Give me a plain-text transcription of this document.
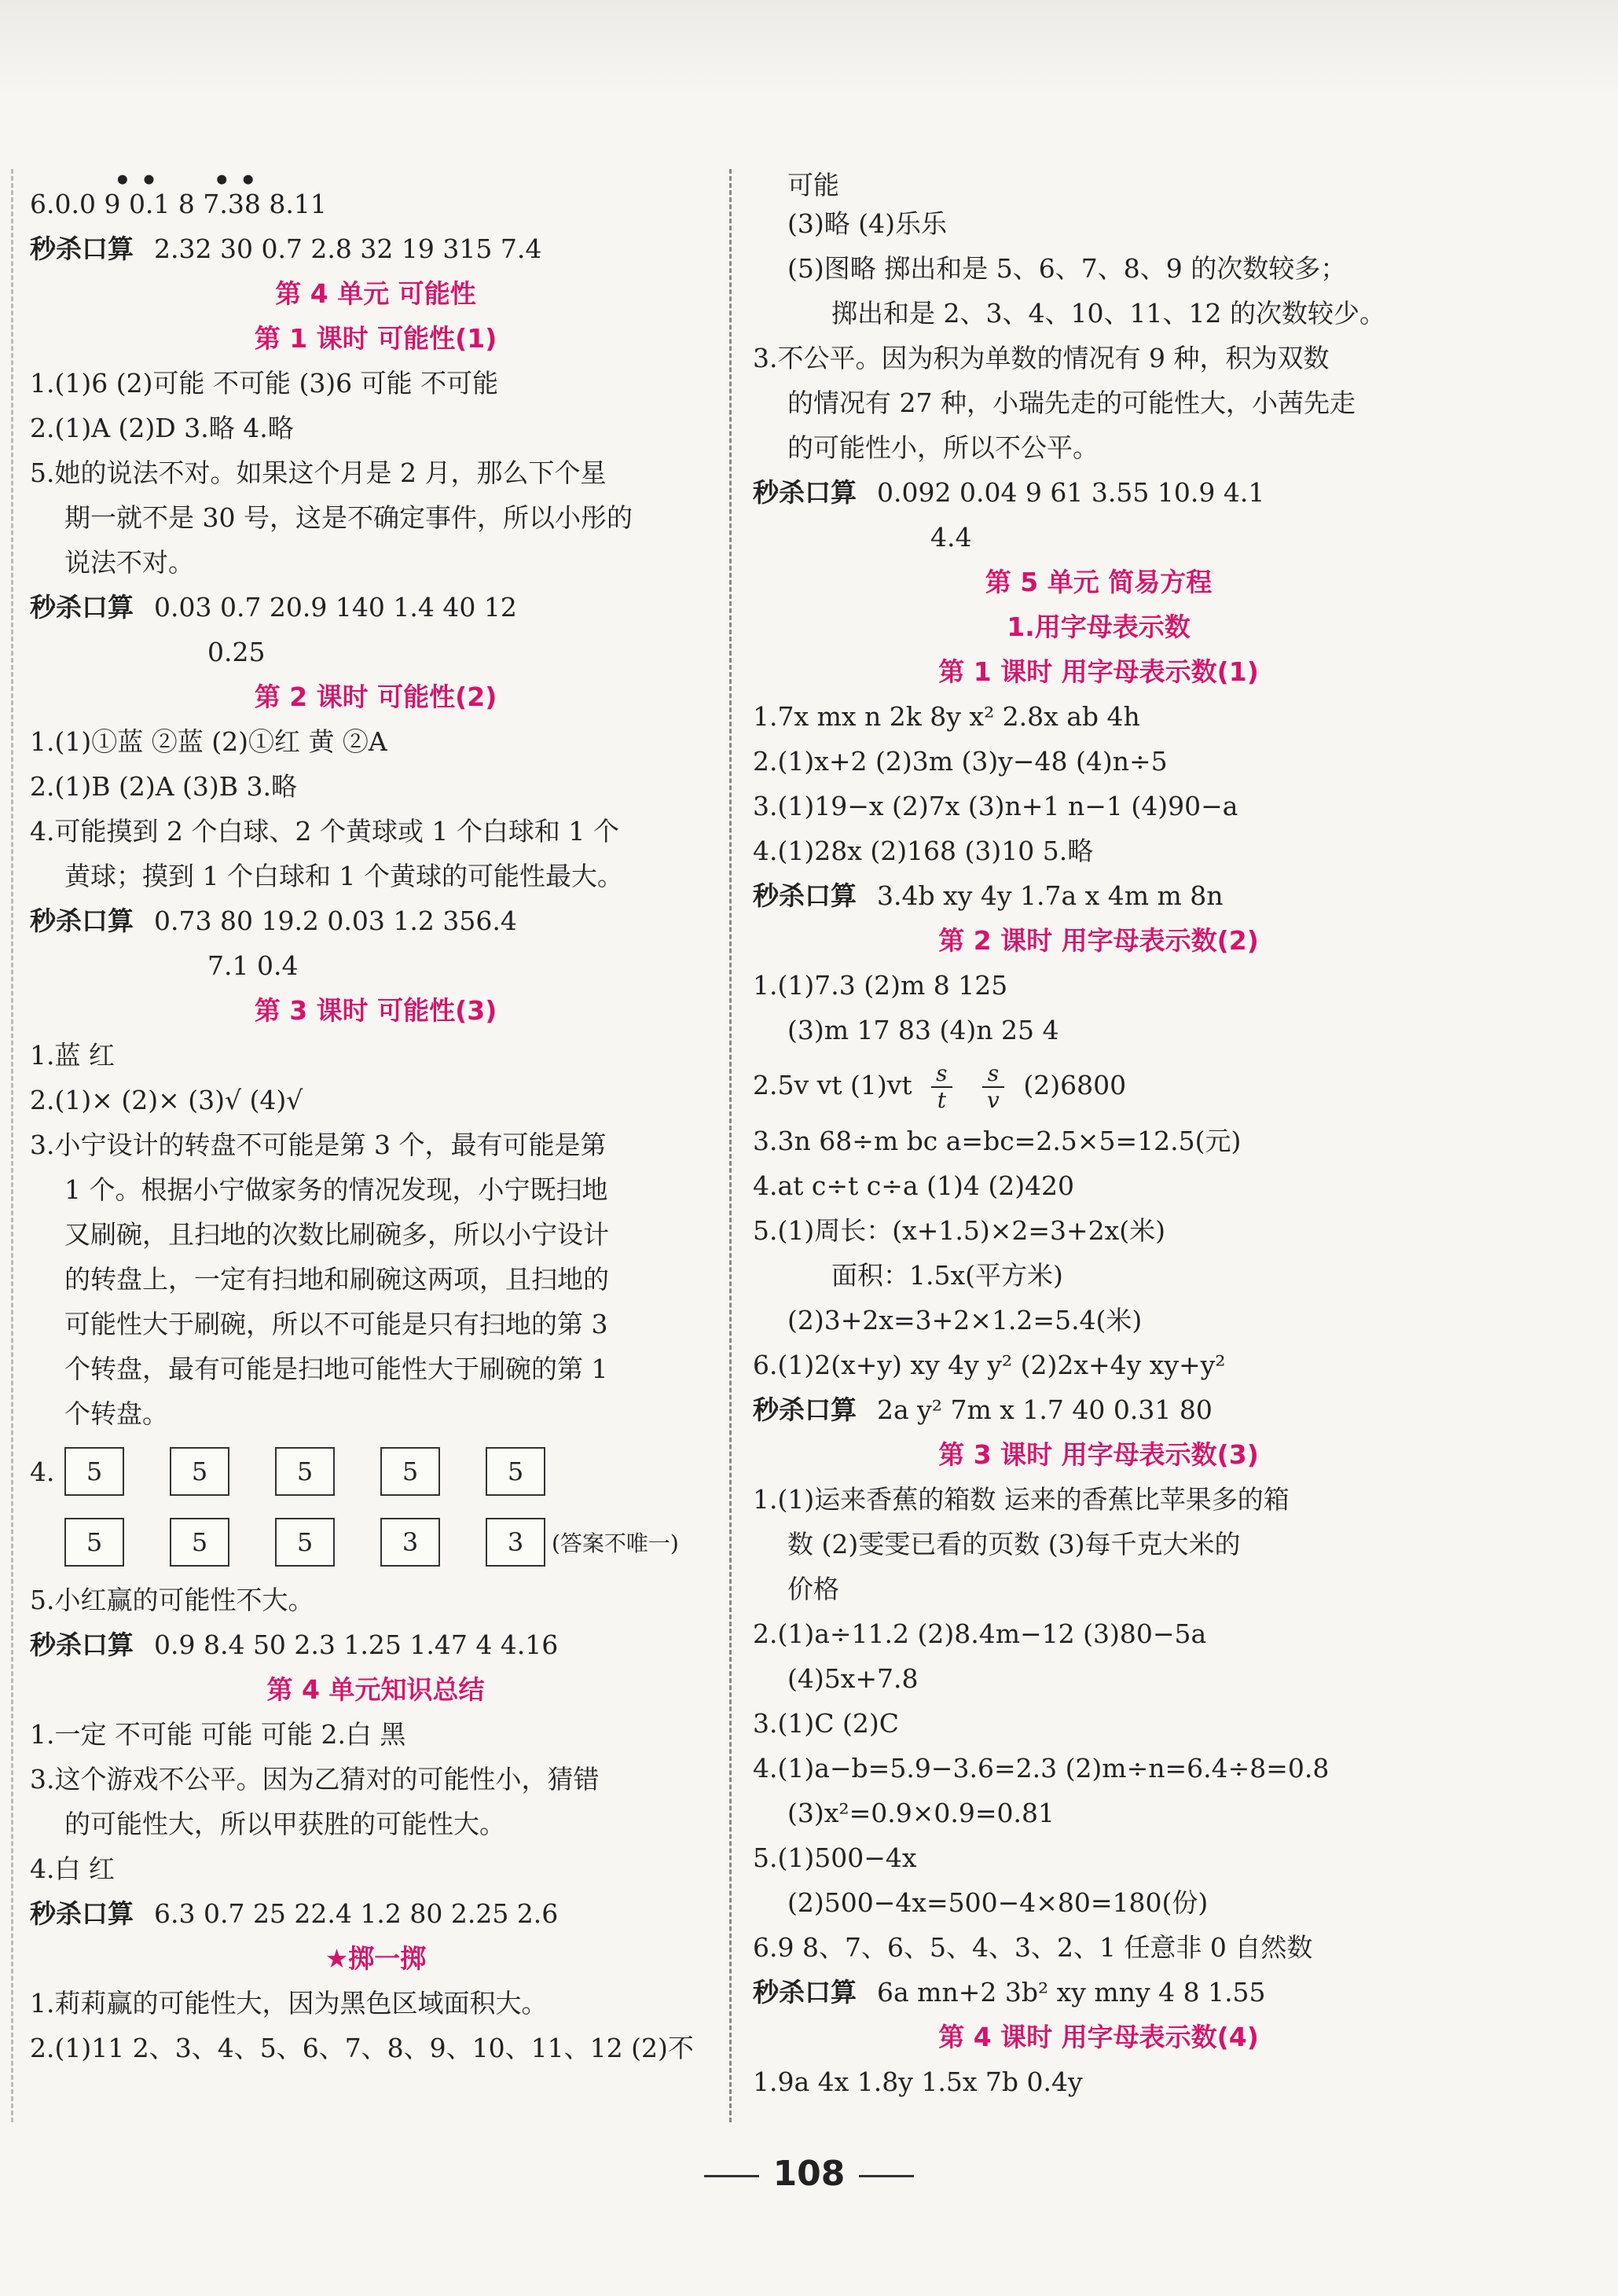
• •      • •
6.0.0 9 0.1 8 7.38 8.11
秒杀口算 2.32 30 0.7 2.8 32 19 315 7.4
第 4 单元 可能性
第 1 课时 可能性(1)
1.(1)6 (2)可能 不可能 (3)6 可能 不可能
2.(1)A (2)D 3.略 4.略
5.她的说法不对。如果这个月是 2 月，那么下个星
期一就不是 30 号，这是不确定事件，所以小彤的
说法不对。
秒杀口算 0.03 0.7 20.9 140 1.4 40 12
0.25
第 2 课时 可能性(2)
1.(1)①蓝 ②蓝 (2)①红 黄 ②A
2.(1)B (2)A (3)B 3.略
4.可能摸到 2 个白球、2 个黄球或 1 个白球和 1 个
黄球；摸到 1 个白球和 1 个黄球的可能性最大。
秒杀口算 0.73 80 19.2 0.03 1.2 356.4
7.1 0.4
第 3 课时 可能性(3)
1.蓝 红
2.(1)× (2)× (3)√ (4)√
3.小宁设计的转盘不可能是第 3 个，最有可能是第
1 个。根据小宁做家务的情况发现，小宁既扫地
又刷碗，且扫地的次数比刷碗多，所以小宁设计
的转盘上，一定有扫地和刷碗这两项，且扫地的
可能性大于刷碗，所以不可能是只有扫地的第 3
个转盘，最有可能是扫地可能性大于刷碗的第 1
个转盘。
4.	5	5	5	5	5
5	5	5	3	3	(答案不唯一)
5.小红赢的可能性不大。
秒杀口算 0.9 8.4 50 2.3 1.25 1.47 4 4.16
第 4 单元知识总结
1.一定 不可能 可能 可能 2.白 黑
3.这个游戏不公平。因为乙猜对的可能性小，猜错
的可能性大，所以甲获胜的可能性大。
4.白 红
秒杀口算 6.3 0.7 25 22.4 1.2 80 2.25 2.6
★掷一掷
1.莉莉赢的可能性大，因为黑色区域面积大。
2.(1)11 2、3、4、5、6、7、8、9、10、11、12 (2)不
可能
(3)略 (4)乐乐
(5)图略 掷出和是 5、6、7、8、9 的次数较多；
掷出和是 2、3、4、10、11、12 的次数较少。
3.不公平。因为积为单数的情况有 9 种，积为双数
的情况有 27 种，小瑞先走的可能性大，小茜先走
的可能性小，所以不公平。
秒杀口算 0.092 0.04 9 61 3.55 10.9 4.1
4.4
第 5 单元 简易方程
1.用字母表示数
第 1 课时 用字母表示数(1)
1.7x mx n 2k 8y x² 2.8x ab 4h
2.(1)x+2 (2)3m (3)y−48 (4)n÷5
3.(1)19−x (2)7x (3)n+1 n−1 (4)90−a
4.(1)28x (2)168 (3)10 5.略
秒杀口算 3.4b xy 4y 1.7a x 4m m 8n
第 2 课时 用字母表示数(2)
1.(1)7.3 (2)m 8 125
(3)m 17 83 (4)n 25 4
2.5v vt $(1)vt \frac{s}{t}$
$\frac{s}{v} (2)6800$
3.3n 68÷m bc a=bc=2.5×5=12.5(元)
4.at c÷t c÷a (1)4 (2)420
5.(1)周长：(x+1.5)×2=3+2x(米)
面积：1.5x(平方米)
(2)3+2x=3+2×1.2=5.4(米)
6.(1)2(x+y) xy 4y y² (2)2x+4y xy+y²
秒杀口算 2a y² 7m x 1.7 40 0.31 80
第 3 课时 用字母表示数(3)
1.(1)运来香蕉的箱数 运来的香蕉比苹果多的箱
数 (2)雯雯已看的页数 (3)每千克大米的
价格
2.(1)a÷11.2 (2)8.4m−12 (3)80−5a
(4)5x+7.8
3.(1)C (2)C
4.(1)a−b=5.9−3.6=2.3 (2)m÷n=6.4÷8=0.8
(3)x²=0.9×0.9=0.81
5.(1)500−4x
(2)500−4x=500−4×80=180(份)
6.9 8、7、6、5、4、3、2、1 任意非 0 自然数
秒杀口算 6a mn+2 3b² xy mny 4 8 1.55
第 4 课时 用字母表示数(4)
1.9a 4x 1.8y 1.5x 7b 0.4y
108
